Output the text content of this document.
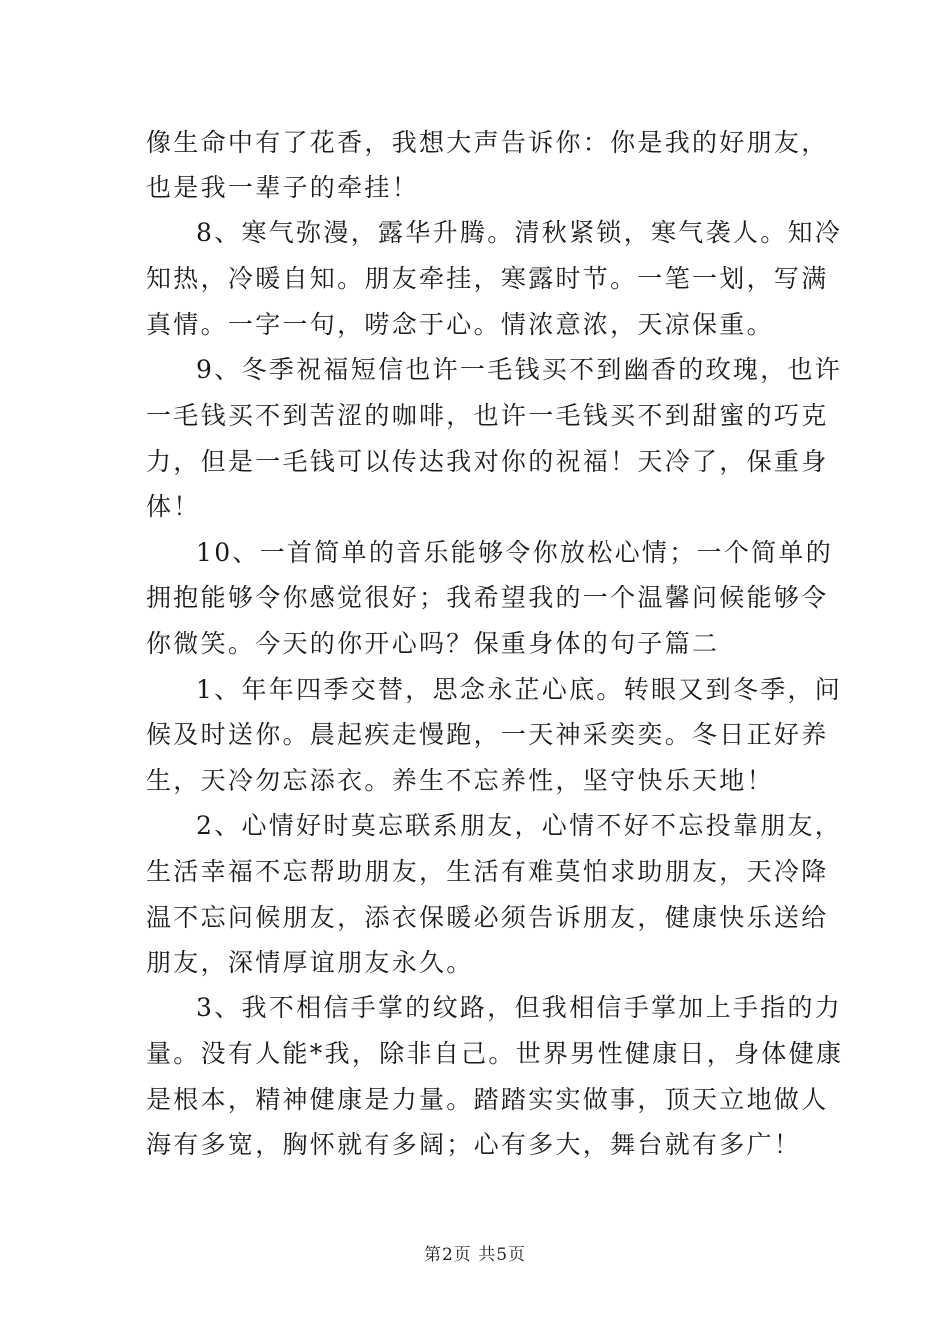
像生命中有了花香，我想大声告诉你：你是我的好朋友，
也是我一辈子的牵挂！
8、寒气弥漫，露华升腾。清秋紧锁，寒气袭人。知冷
知热，冷暖自知。朋友牵挂，寒露时节。一笔一划，写满
真情。一字一句，唠念于心。情浓意浓，天凉保重。
9、冬季祝福短信也许一毛钱买不到幽香的玫瑰，也许
一毛钱买不到苦涩的咖啡，也许一毛钱买不到甜蜜的巧克
力，但是一毛钱可以传达我对你的祝福！天冷了，保重身
体！
10、一首简单的音乐能够令你放松心情；一个简单的
拥抱能够令你感觉很好；我希望我的一个温馨问候能够令
你微笑。今天的你开心吗？保重身体的句子篇二
1、年年四季交替，思念永芷心底。转眼又到冬季，问
候及时送你。晨起疾走慢跑，一天神采奕奕。冬日正好养
生，天冷勿忘添衣。养生不忘养性，坚守快乐天地！
2、心情好时莫忘联系朋友，心情不好不忘投靠朋友，
生活幸福不忘帮助朋友，生活有难莫怕求助朋友，天冷降
温不忘问候朋友，添衣保暖必须告诉朋友，健康快乐送给
朋友，深情厚谊朋友永久。
3、我不相信手掌的纹路，但我相信手掌加上手指的力
量。没有人能*我，除非自己。世界男性健康日，身体健康
是根本，精神健康是力量。踏踏实实做事，顶天立地做人
海有多宽，胸怀就有多阔；心有多大，舞台就有多广！
第2页 共5页
